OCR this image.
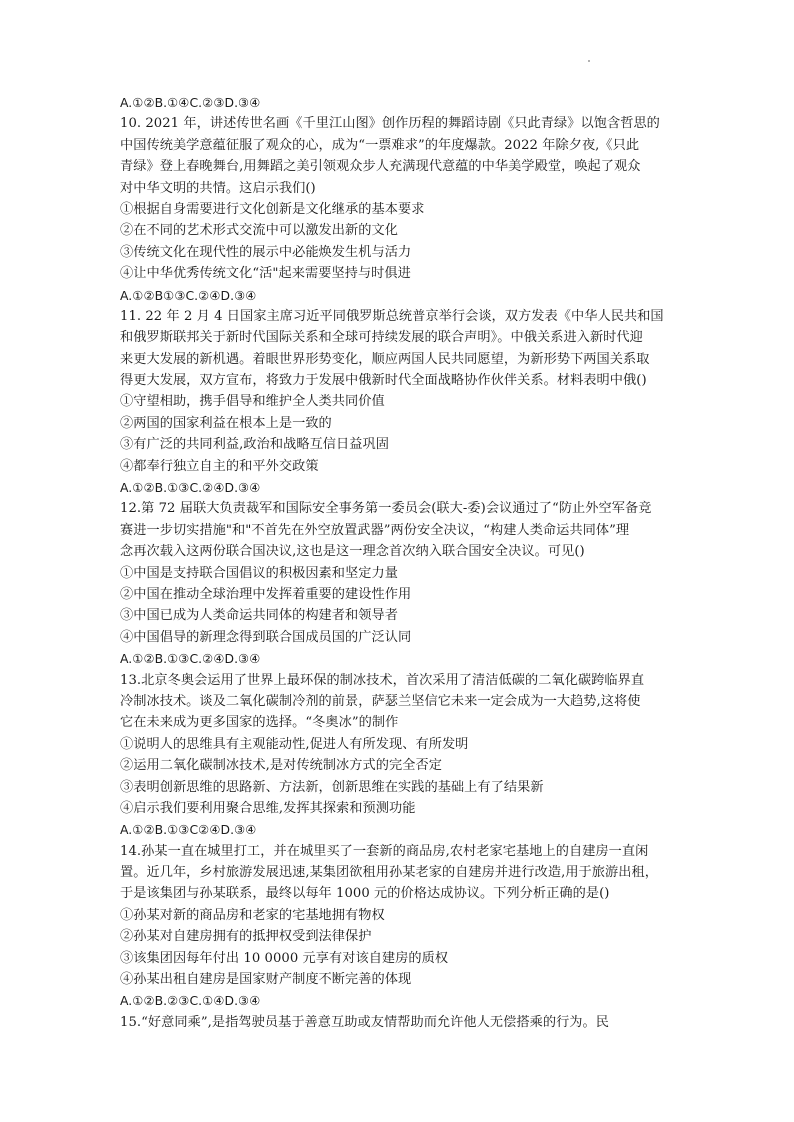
A.①②B.①④C.②③D.③④
10. 2021 年，讲述传世名画《千里江山图》创作历程的舞蹈诗剧《只此青绿》以饱含哲思的
中国传统美学意蕴征服了观众的心，成为“一票难求”的年度爆款。2022 年除夕夜,《只此
青绿》登上春晚舞台,用舞蹈之美引领观众步人充满现代意蕴的中华美学殿堂，唤起了观众
对中华文明的共情。这启示我们()
①根据自身需要进行文化创新是文化继承的基本要求
②在不同的艺术形式交流中可以激发出新的文化
③传统文化在现代性的展示中必能焕发生机与活力
④让中华优秀传统文化“活"起来需要坚持与时俱进
A.①②B①③C.②④D.③④
11. 22 年 2 月 4 日国家主席习近平同俄罗斯总统普京举行会谈，双方发表《中华人民共和国
和俄罗斯联邦关于新时代国际关系和全球可持续发展的联合声明》。中俄关系进入新时代迎
来更大发展的新机遇。着眼世界形势变化，顺应两国人民共同愿望，为新形势下两国关系取
得更大发展，双方宣布，将致力于发展中俄新时代全面战略协作伙伴关系。材料表明中俄()
①守望相助，携手倡导和维护全人类共同价值
②两国的国家利益在根本上是一致的
③有广泛的共同利益,政治和战略互信日益巩固
④都奉行独立自主的和平外交政策
A.①②B.①③C.②④D.③④
12.第 72 届联大负责裁军和国际安全事务第一委员会(联大-委)会议通过了“防止外空军备竞
赛进一步切实措施"和"不首先在外空放置武器”两份安全决议，“构建人类命运共同体”理
念再次载入这两份联合国决议,这也是这一理念首次纳入联合国安全决议。可见()
①中国是支持联合国倡议的积极因素和坚定力量
②中国在推动全球治理中发挥着重要的建设性作用
③中国已成为人类命运共同体的构建者和领导者
④中国倡导的新理念得到联合国成员国的广泛认同
A.①②B.①③C.②④D.③④
13.北京冬奥会运用了世界上最环保的制冰技术，首次采用了清洁低碳的二氧化碳跨临界直
冷制冰技术。谈及二氧化碳制冷剂的前景，萨瑟兰坚信它未来一定会成为一大趋势,这将使
它在未来成为更多国家的选择。“冬奥冰”的制作
①说明人的思维具有主观能动性,促进人有所发现、有所发明
②运用二氧化碳制冰技术,是对传统制冰方式的完全否定
③表明创新思维的思路新、方法新，创新思维在实践的基础上有了结果新
④启示我们要利用聚合思维,发挥其探索和预测功能
A.①②B.①③C②④D.③④
14.孙某一直在城里打工，并在城里买了一套新的商品房,农村老家宅基地上的自建房一直闲
置。近几年，乡村旅游发展迅速,某集团欲租用孙某老家的自建房并进行改造,用于旅游出租，
于是该集团与孙某联系，最终以每年 1000 元的价格达成协议。下列分析正确的是()
①孙某对新的商品房和老家的宅基地拥有物权
②孙某对自建房拥有的抵押权受到法律保护
③该集团因每年付出 10 0000 元享有对该自建房的质权
④孙某出租自建房是国家财产制度不断完善的体现
A.①②B.②③C.①④D.③④
15.“好意同乘”,是指驾驶员基于善意互助或友情帮助而允许他人无偿搭乘的行为。民
